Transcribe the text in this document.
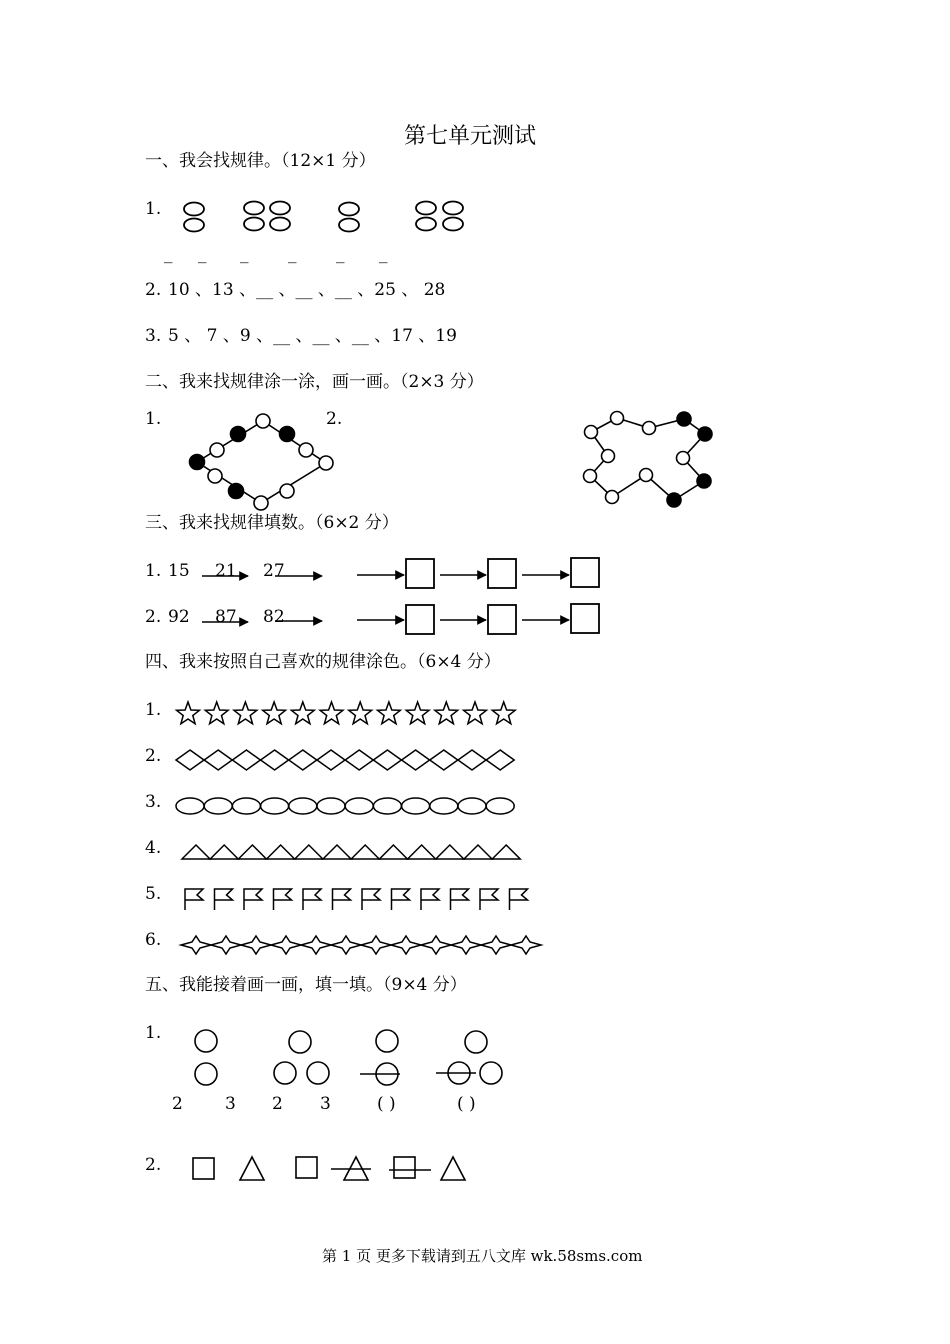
第七单元测试
一、我会找规律。（12×1 分）
1.
_ _ _ _ _ _
2. 10 、13 、__ 、__ 、__ 、25 、 28
3. 5 、 7 、9 、__ 、__ 、__ 、17 、19
二、我来找规律涂一涂，画一画。（2×3 分）
1.	2.
三、我来找规律填数。（6×2 分）
1. 15 21 27
2. 92 87 82
四、我来按照自己喜欢的规律涂色。（6×4 分）
1.
2.
3.
4.
5.
6.
五、我能接着画一画，填一填。（9×4 分）
1.
2 3 2 3	( )	( )
2.
第 1 页 更多下载请到五八文库 wk.58sms.com
